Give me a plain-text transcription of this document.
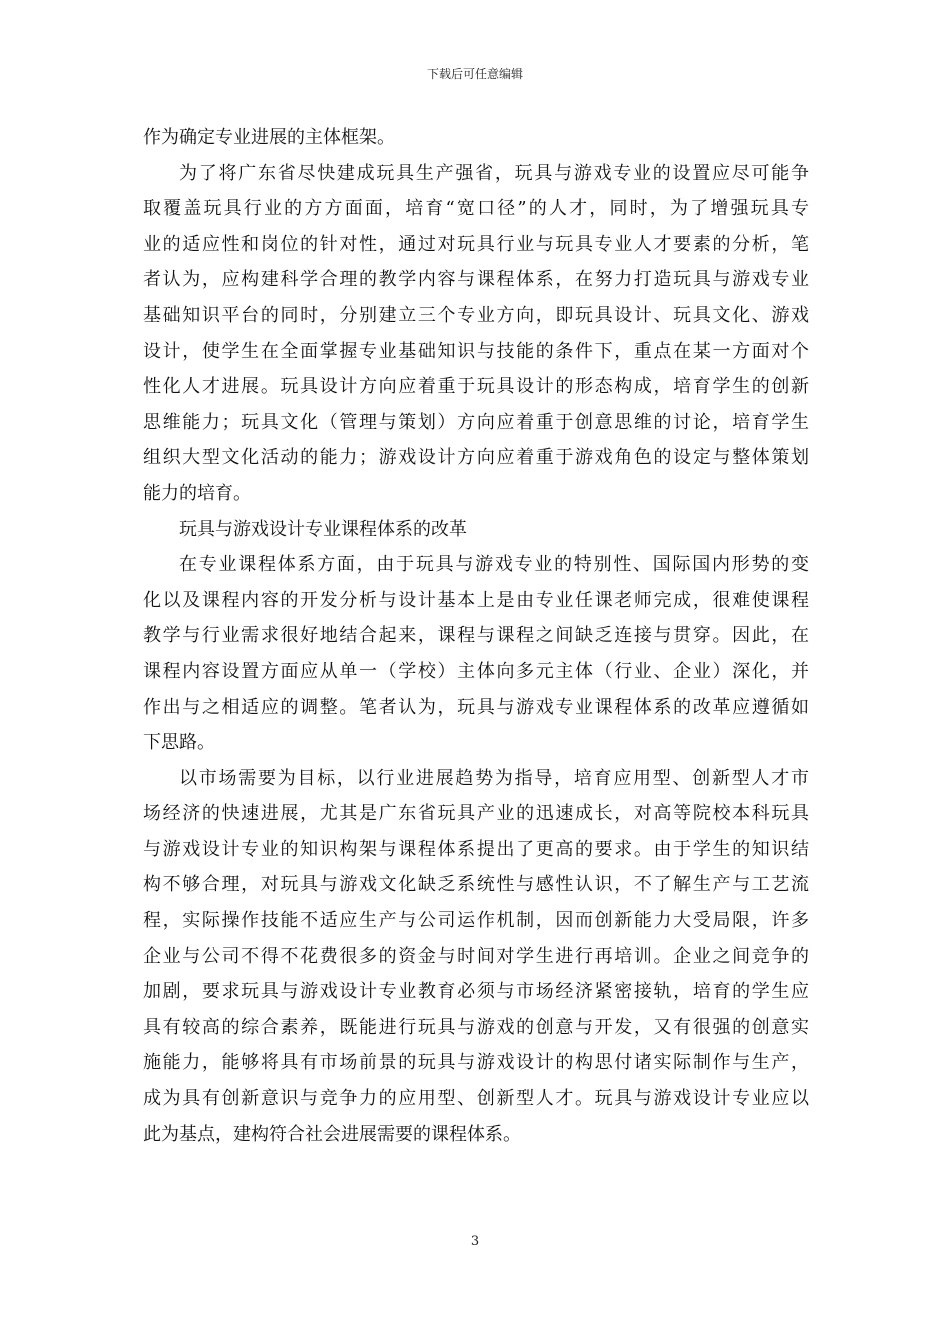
下载后可任意编辑
作为确定专业进展的主体框架。
为了将广东省尽快建成玩具生产强省，玩具与游戏专业的设置应尽可能争
取覆盖玩具行业的方方面面，培育“宽口径”的人才，同时，为了增强玩具专
业的适应性和岗位的针对性，通过对玩具行业与玩具专业人才要素的分析，笔
者认为，应构建科学合理的教学内容与课程体系，在努力打造玩具与游戏专业
基础知识平台的同时，分别建立三个专业方向，即玩具设计、玩具文化、游戏
设计，使学生在全面掌握专业基础知识与技能的条件下，重点在某一方面对个
性化人才进展。玩具设计方向应着重于玩具设计的形态构成，培育学生的创新
思维能力；玩具文化（管理与策划）方向应着重于创意思维的讨论，培育学生
组织大型文化活动的能力；游戏设计方向应着重于游戏角色的设定与整体策划
能力的培育。
玩具与游戏设计专业课程体系的改革
在专业课程体系方面，由于玩具与游戏专业的特别性、国际国内形势的变
化以及课程内容的开发分析与设计基本上是由专业任课老师完成，很难使课程
教学与行业需求很好地结合起来，课程与课程之间缺乏连接与贯穿。因此，在
课程内容设置方面应从单一（学校）主体向多元主体（行业、企业）深化，并
作出与之相适应的调整。笔者认为，玩具与游戏专业课程体系的改革应遵循如
下思路。
以市场需要为目标，以行业进展趋势为指导，培育应用型、创新型人才市
场经济的快速进展，尤其是广东省玩具产业的迅速成长，对高等院校本科玩具
与游戏设计专业的知识构架与课程体系提出了更高的要求。由于学生的知识结
构不够合理，对玩具与游戏文化缺乏系统性与感性认识，不了解生产与工艺流
程，实际操作技能不适应生产与公司运作机制，因而创新能力大受局限，许多
企业与公司不得不花费很多的资金与时间对学生进行再培训。企业之间竞争的
加剧，要求玩具与游戏设计专业教育必须与市场经济紧密接轨，培育的学生应
具有较高的综合素养，既能进行玩具与游戏的创意与开发，又有很强的创意实
施能力，能够将具有市场前景的玩具与游戏设计的构思付诸实际制作与生产，
成为具有创新意识与竞争力的应用型、创新型人才。玩具与游戏设计专业应以
此为基点，建构符合社会进展需要的课程体系。
3
